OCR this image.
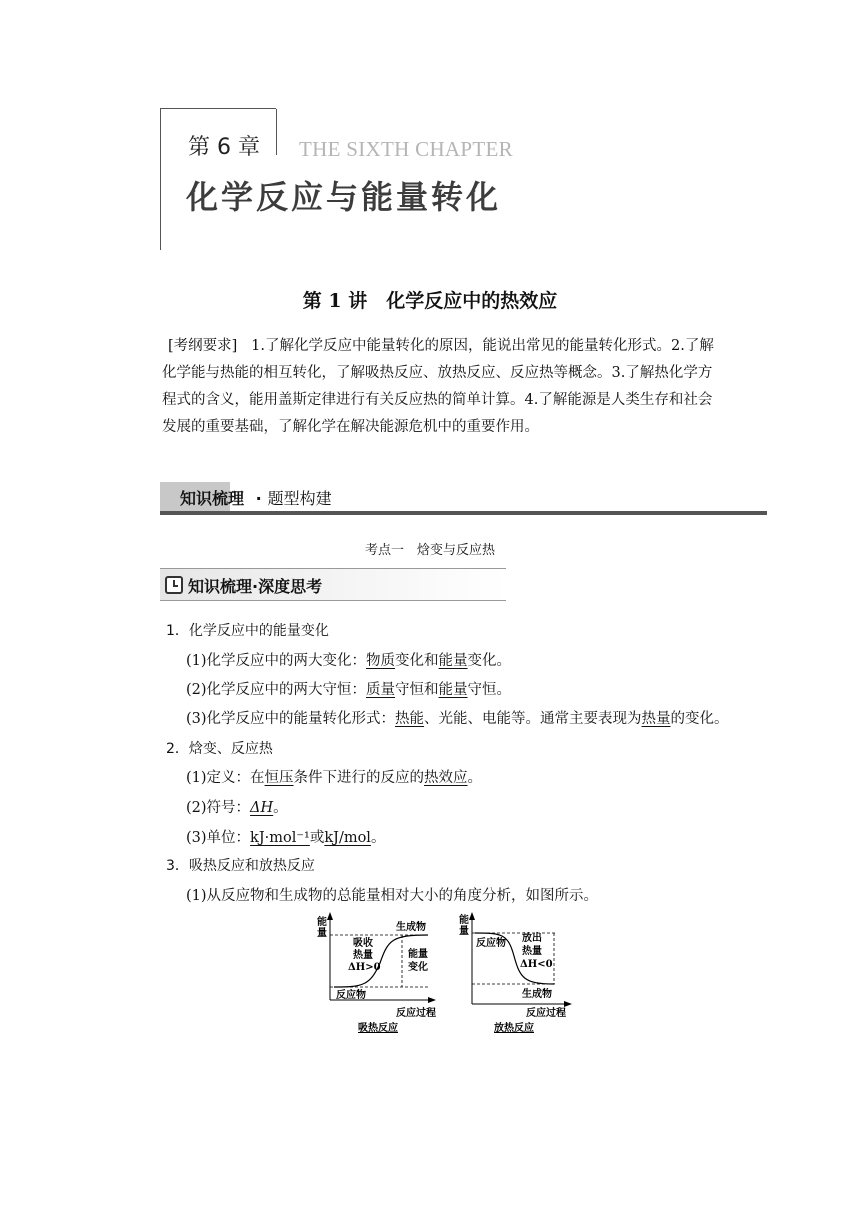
第 6 章 THE SIXTH CHAPTER
化学反应与能量转化
第 1 讲　化学反应中的热效应
[考纲要求] 1.了解化学反应中能量转化的原因，能说出常见的能量转化形式。2.了解
化学能与热能的相互转化，了解吸热反应、放热反应、反应热等概念。3.了解热化学方
程式的含义，能用盖斯定律进行有关反应热的简单计算。4.了解能源是人类生存和社会
发展的重要基础，了解化学在解决能源危机中的重要作用。
知识梳理 · 题型构建
考点一　焓变与反应热
知识梳理·深度思考
1．化学反应中的能量变化
(1)化学反应中的两大变化：物质变化和能量变化。
(2)化学反应中的两大守恒：质量守恒和能量守恒。
(3)化学反应中的能量转化形式：热能、光能、电能等。通常主要表现为热量的变化。
2．焓变、反应热
(1)定义：在恒压条件下进行的反应的热效应。
(2)符号：ΔH。
(3)单位：kJ·mol⁻¹或kJ/mol。
3．吸热反应和放热反应
(1)从反应物和生成物的总能量相对大小的角度分析，如图所示。
能
量
生成物
吸收
热量
ΔH>0
能量
变化
反应物
反应过程
吸热反应
能
量
反应物 放出
热量
ΔH<0
生成物
反应过程
放热反应
